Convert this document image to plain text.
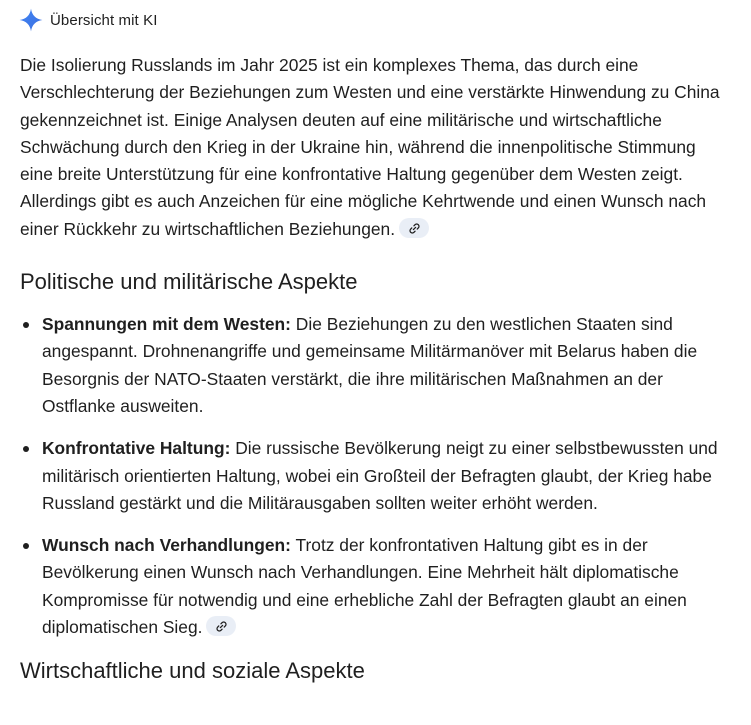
Übersicht mit KI

Die Isolierung Russlands im Jahr 2025 ist ein komplexes Thema, das durch eine Verschlechterung der Beziehungen zum Westen und eine verstärkte Hinwendung zu China gekennzeichnet ist. Einige Analysen deuten auf eine militärische und wirtschaftliche Schwächung durch den Krieg in der Ukraine hin, während die innenpolitische Stimmung eine breite Unterstützung für eine konfrontative Haltung gegenüber dem Westen zeigt. Allerdings gibt es auch Anzeichen für eine mögliche Kehrtwende und einen Wunsch nach einer Rückkehr zu wirtschaftlichen Beziehungen.

Politische und militärische Aspekte
Spannungen mit dem Westen: Die Beziehungen zu den westlichen Staaten sind angespannt. Drohnenangriffe und gemeinsame Militärmanöver mit Belarus haben die Besorgnis der NATO-Staaten verstärkt, die ihre militärischen Maßnahmen an der Ostflanke ausweiten.
Konfrontative Haltung: Die russische Bevölkerung neigt zu einer selbstbewussten und militärisch orientierten Haltung, wobei ein Großteil der Befragten glaubt, der Krieg habe Russland gestärkt und die Militärausgaben sollten weiter erhöht werden.
Wunsch nach Verhandlungen: Trotz der konfrontativen Haltung gibt es in der Bevölkerung einen Wunsch nach Verhandlungen. Eine Mehrheit hält diplomatische Kompromisse für notwendig und eine erhebliche Zahl der Befragten glaubt an einen diplomatischen Sieg.
Wirtschaftliche und soziale Aspekte
